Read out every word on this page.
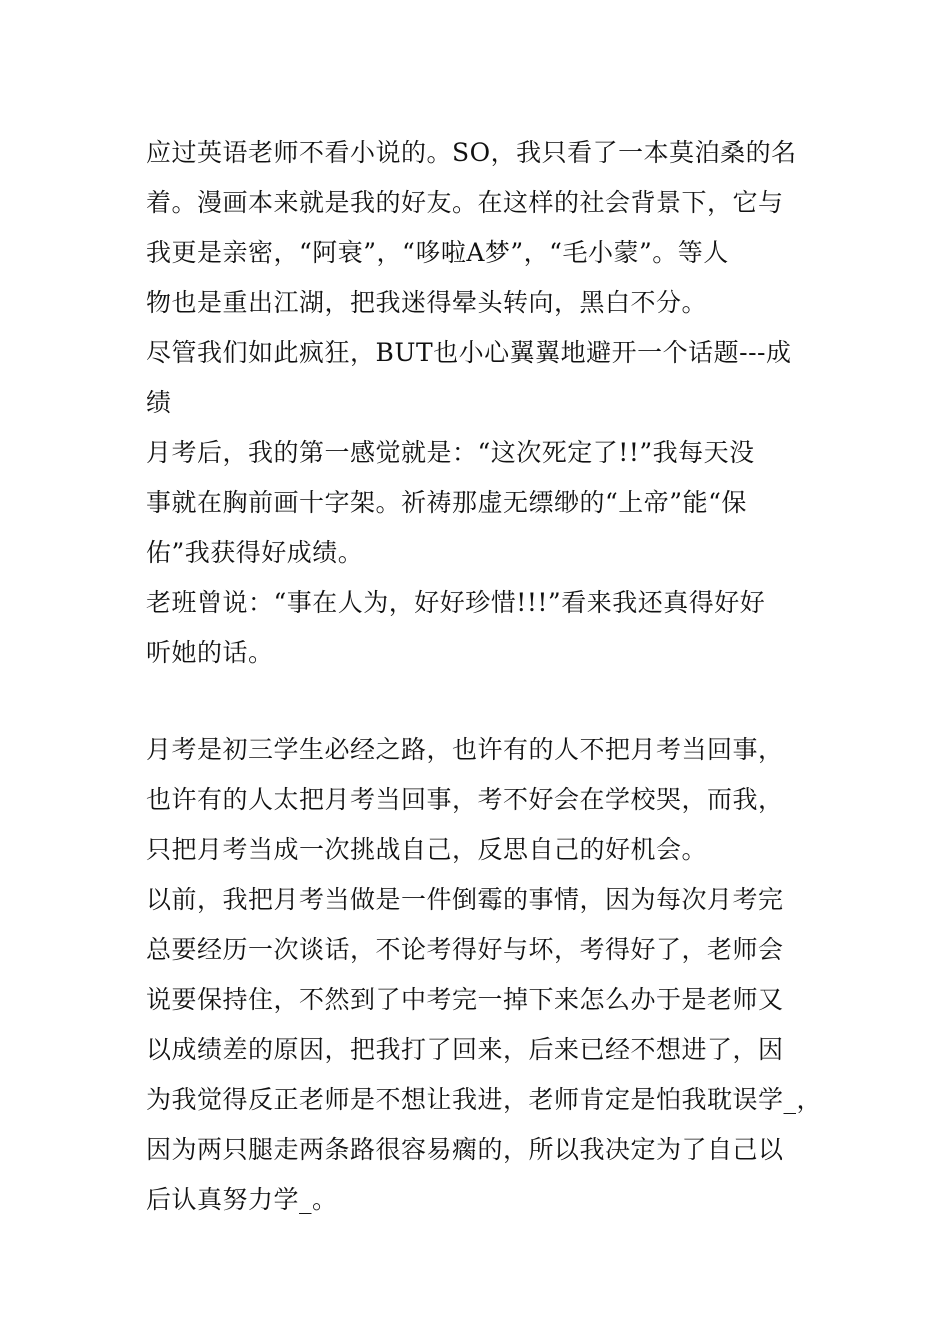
应过英语老师不看小说的。SO，我只看了一本莫泊桑的名
着。漫画本来就是我的好友。在这样的社会背景下，它与
我更是亲密，“阿衰”，“哆啦A梦”，“毛小蒙”。等人
物也是重出江湖，把我迷得晕头转向，黑白不分。
尽管我们如此疯狂，BUT也小心翼翼地避开一个话题---成
绩
月考后，我的第一感觉就是：“这次死定了!!”我每天没
事就在胸前画十字架。祈祷那虚无缥缈的“上帝”能“保
佑”我获得好成绩。
老班曾说：“事在人为，好好珍惜!!!”看来我还真得好好
听她的话。
月考是初三学生必经之路，也许有的人不把月考当回事，
也许有的人太把月考当回事，考不好会在学校哭，而我，
只把月考当成一次挑战自己，反思自己的好机会。
以前，我把月考当做是一件倒霉的事情，因为每次月考完
总要经历一次谈话，不论考得好与坏，考得好了，老师会
说要保持住，不然到了中考完一掉下来怎么办于是老师又
以成绩差的原因，把我打了回来，后来已经不想进了，因
为我觉得反正老师是不想让我进，老师肯定是怕我耽误学_，
因为两只腿走两条路很容易瘸的，所以我决定为了自己以
后认真努力学_。
